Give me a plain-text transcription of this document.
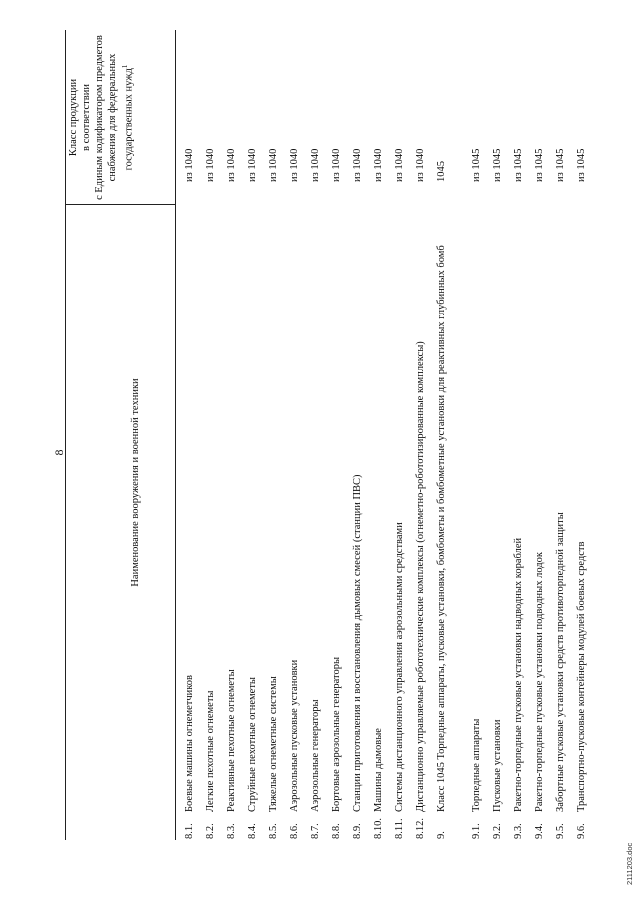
8	Наименование вооружения и военной техники
Класс продукции в соответствии с Единым кодификатором предметов снабжения для федеральных государственных нужд$^1$
8.1.
Боевые машины огнеметчиков
из 1040
8.2.
Легкие пехотные огнеметы
из 1040
8.3.
Реактивные пехотные огнеметы
из 1040
8.4.
Струйные пехотные огнеметы
из 1040
8.5.
Тяжелые огнеметные системы
из 1040
8.6.
Аэрозольные пусковые установки
из 1040
8.7.
Аэрозольные генераторы
из 1040
8.8.
Бортовые аэрозольные генераторы
из 1040
8.9.
Станции приготовления и восстановления дымовых смесей (станции ПВС)
из 1040
8.10.
Машины дымовые
из 1040
8.11.
Системы дистанционного управления аэрозольными средствами
из 1040
8.12.
Дистанционно управляемые робототехнические комплексы (огнеметно-робототизированные комплексы)
из 1040
9.
Класс 1045 Торпедные аппараты, пусковые установки, бомбометы и бомбометные установки для реактивных глубинных бомб
1045
9.1.
Торпедные аппараты
из 1045
9.2.
Пусковые установки
из 1045
9.3.
Ракетно-торпедные пусковые установки надводных кораблей
из 1045
9.4.
Ракетно-торпедные пусковые установки подводных лодок
из 1045
9.5.
Забортные пусковые установки средств противоторпедной защиты
из 1045
9.6.
Транспортно-пусковые контейнеры модулей боевых средств
из 1045
2111203.doc
